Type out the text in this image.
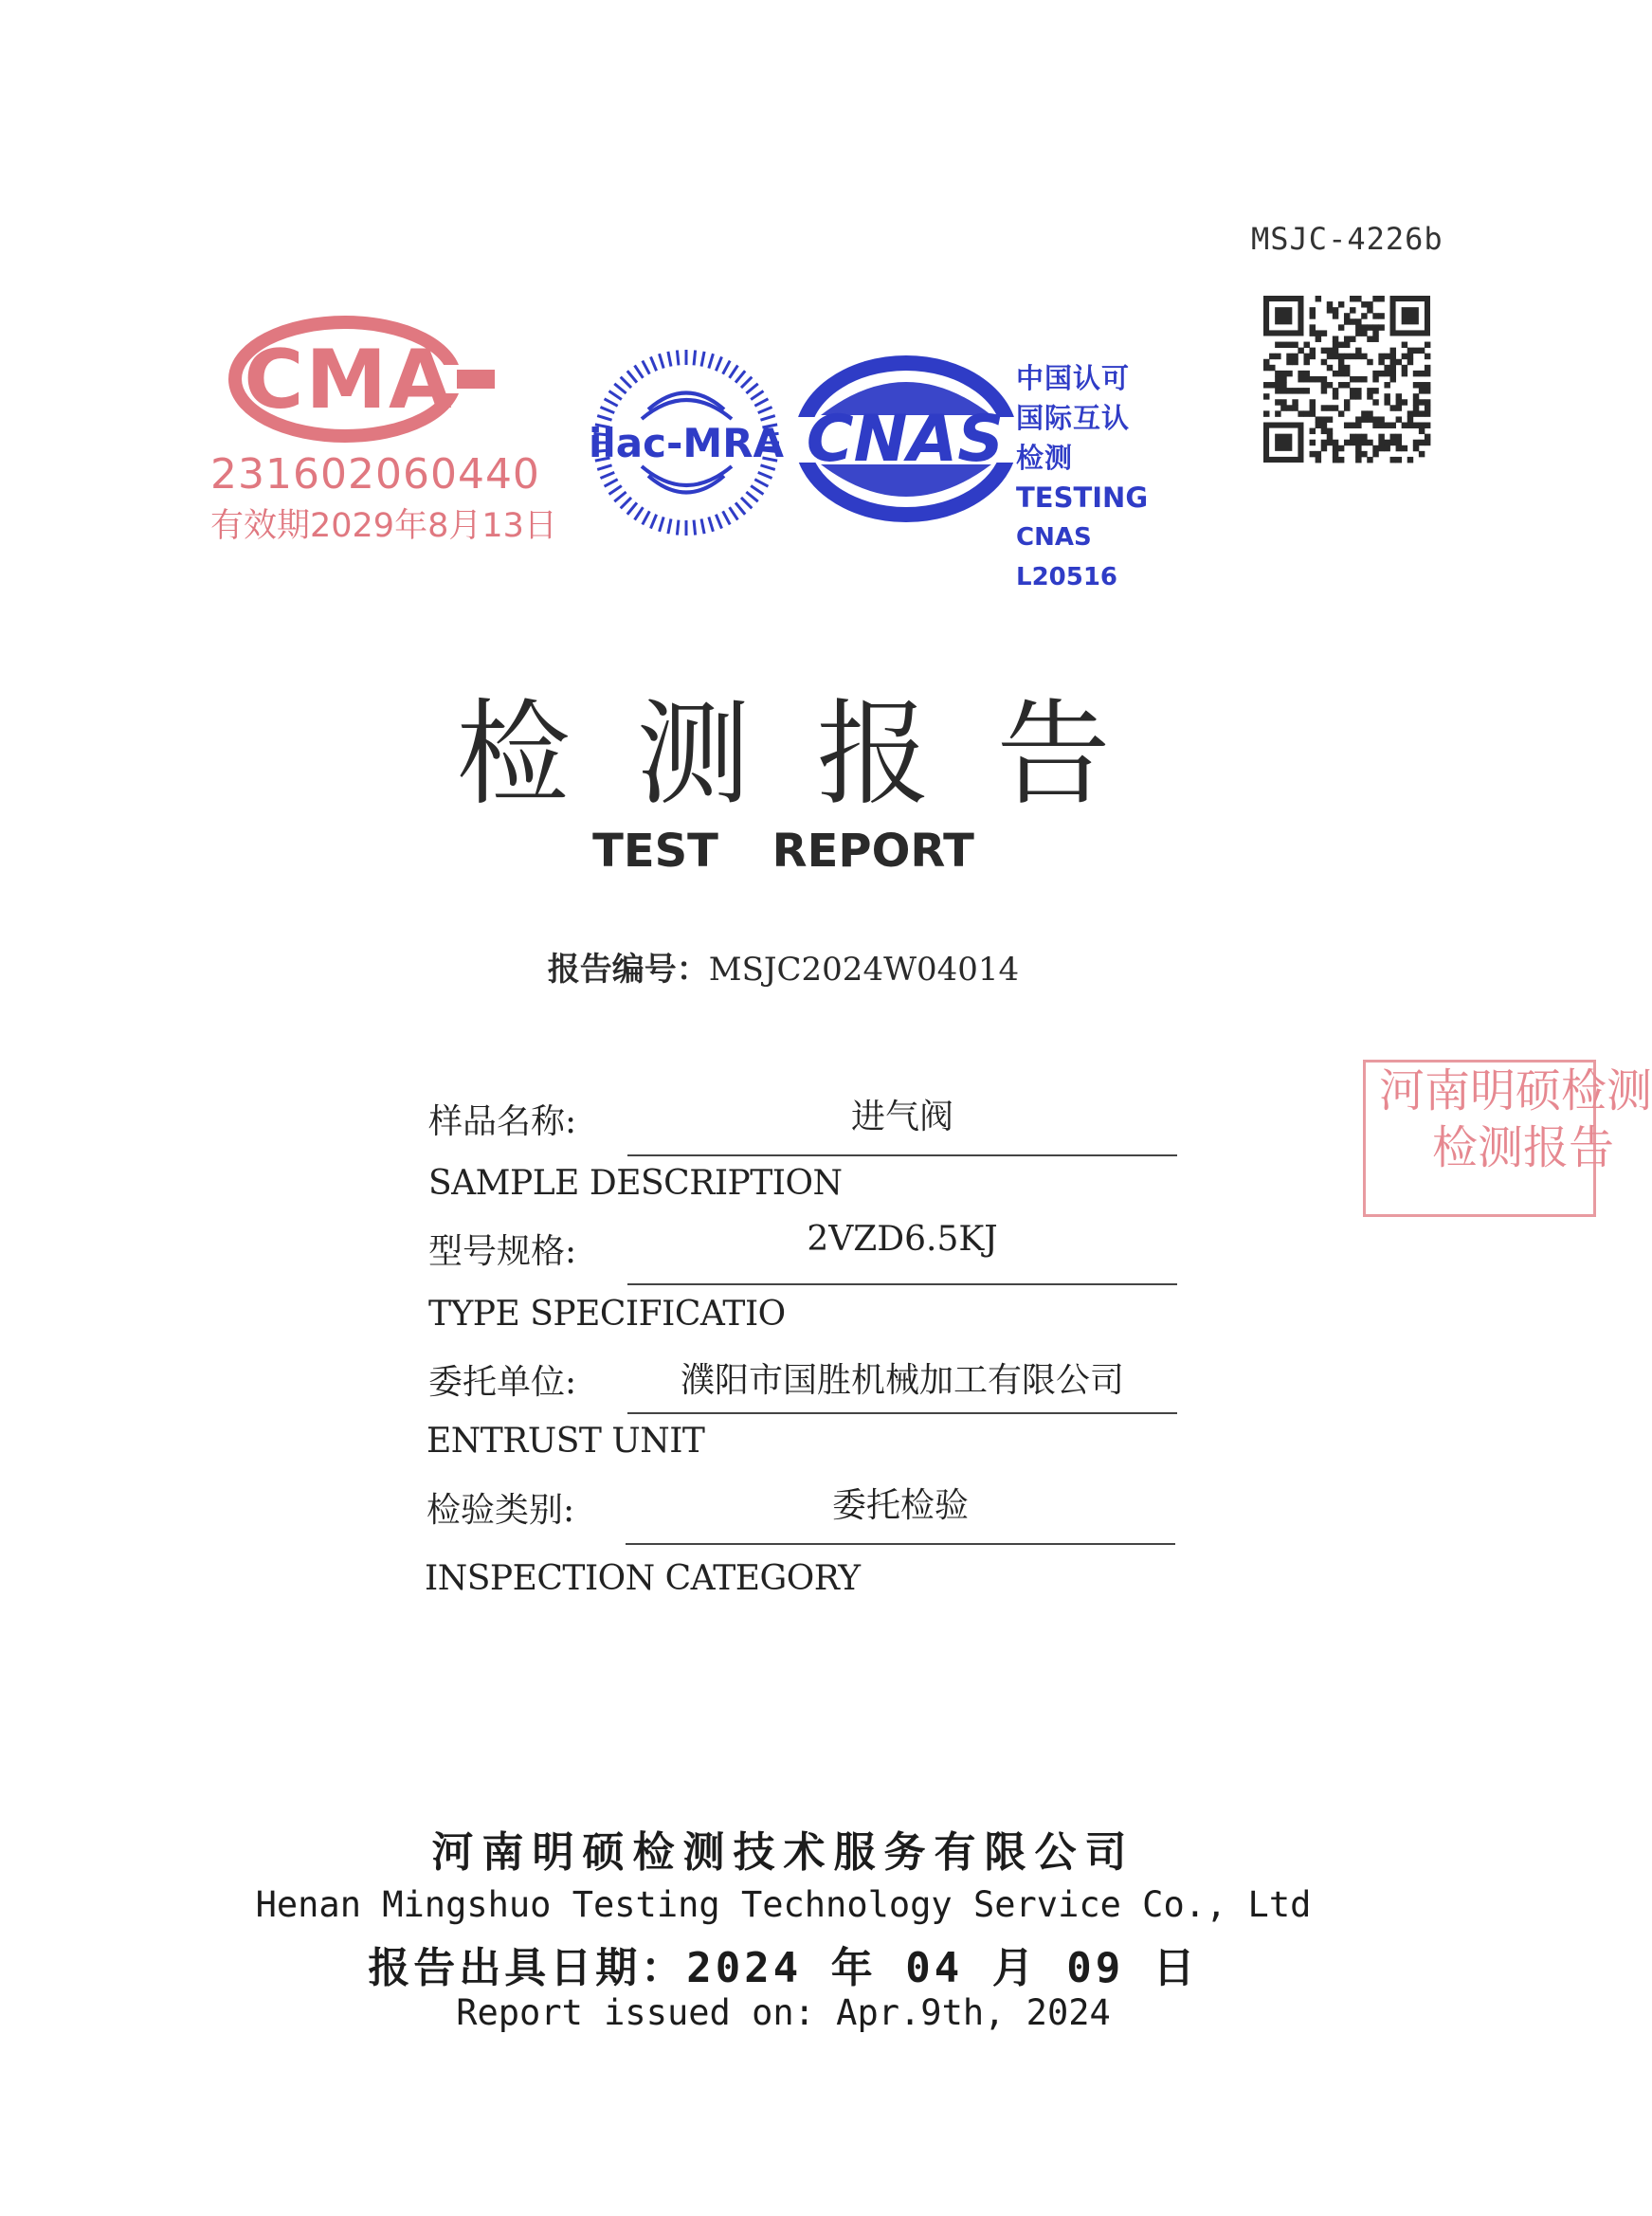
MSJC-4226b
CMA
231602060440
有效期2029年8月13日
ilac-MRA CNAS
中国认可
国际互认
检测
TESTING
CNAS L20516
检测报告
TEST REPORT
报告编号：MSJC2024W04014
河南明硕检测
检测报告
样品名称:	进气阀
SAMPLE DESCRIPTION
型号规格:	2VZD6.5KJ
TYPE SPECIFICATIO
委托单位:	濮阳市国胜机械加工有限公司
ENTRUST UNIT
检验类别:	委托检验
INSPECTION CATEGORY
河南明硕检测技术服务有限公司
Henan Mingshuo Testing Technology Service Co., Ltd
报告出具日期：2024 年 04 月 09 日
Report issued on: Apr.9th, 2024
